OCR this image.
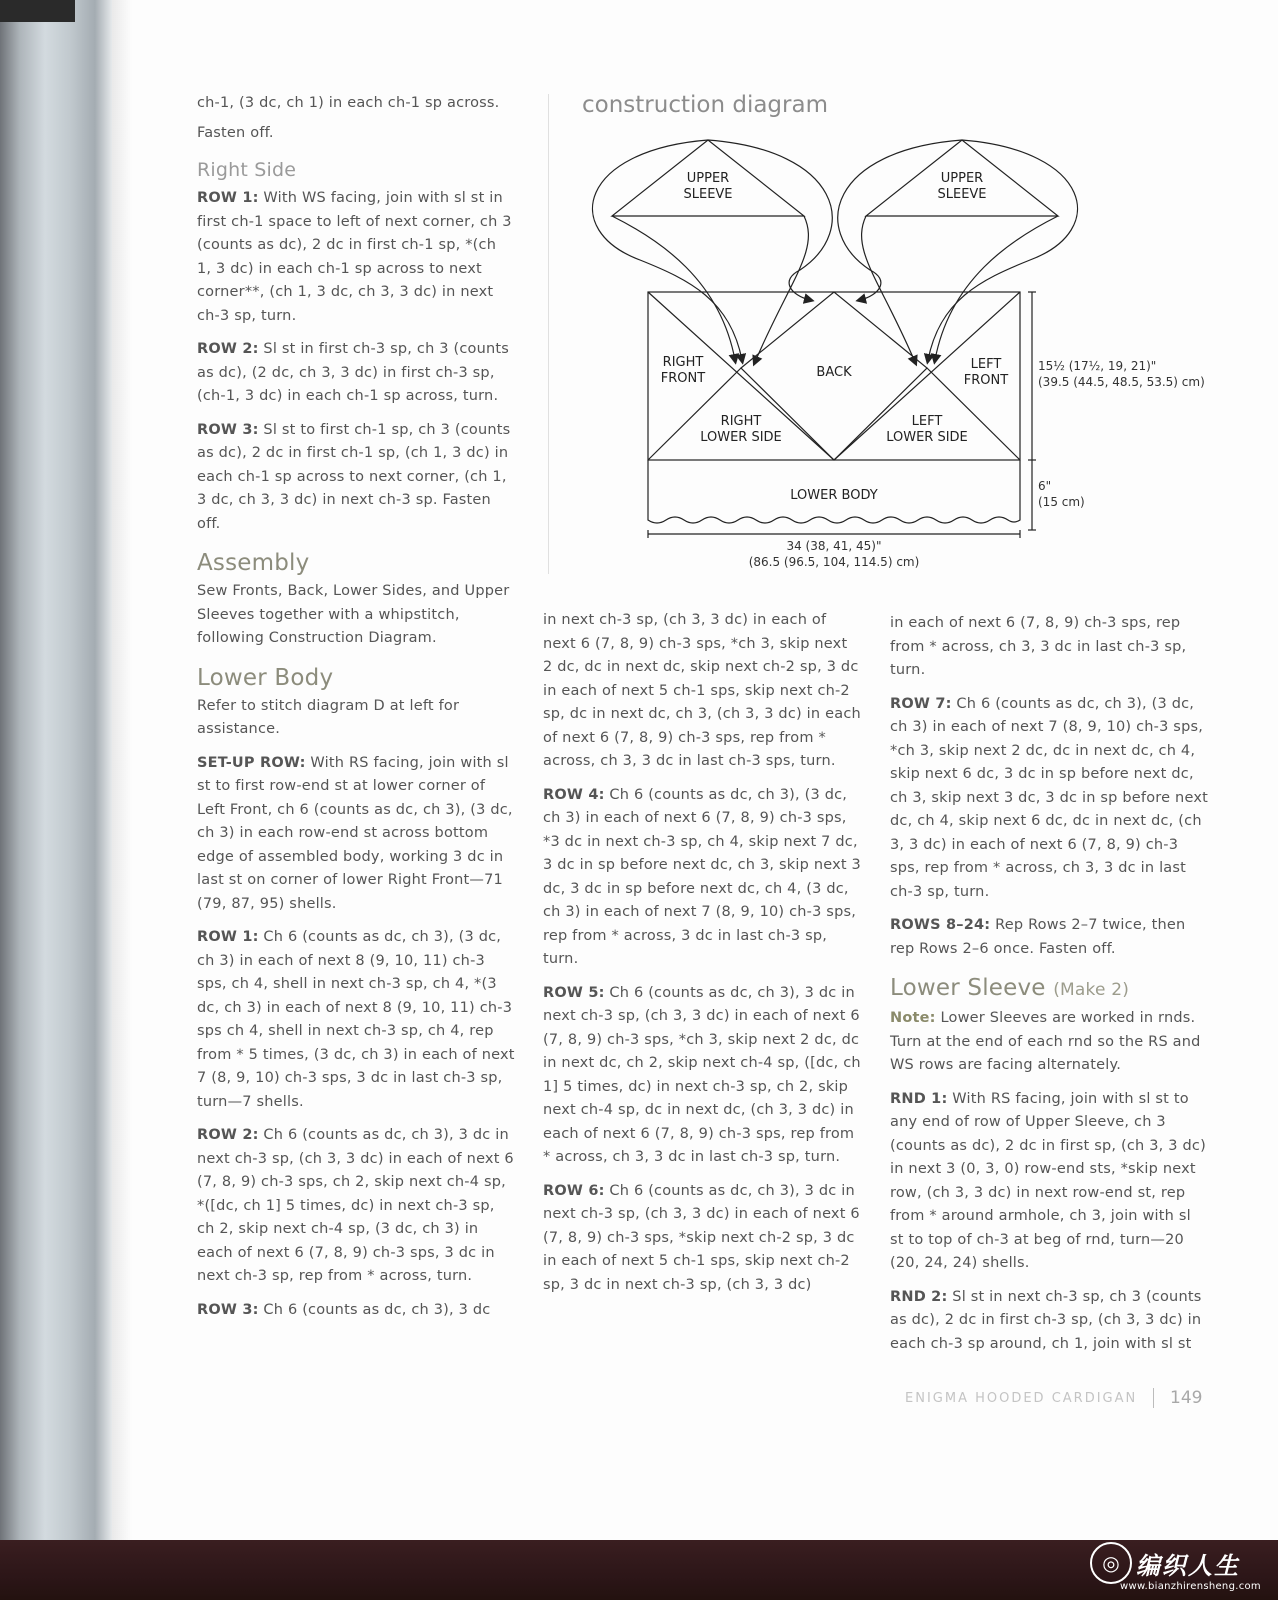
ch-1, (3 dc, ch 1) in each ch-1 sp across.

Fasten off.

Right Side

ROW 1: With WS facing, join with sl st in first ch-1 space to left of next corner, ch 3 (counts as dc), 2 dc in first ch-1 sp, *(ch 1, 3 dc) in each ch-1 sp across to next corner**, (ch 1, 3 dc, ch 3, 3 dc) in next ch-3 sp, turn.

ROW 2: Sl st in first ch-3 sp, ch 3 (counts as dc), (2 dc, ch 3, 3 dc) in first ch-3 sp, (ch-1, 3 dc) in each ch-1 sp across, turn.

ROW 3: Sl st to first ch-1 sp, ch 3 (counts as dc), 2 dc in first ch-1 sp, (ch 1, 3 dc) in each ch-1 sp across to next corner, (ch 1, 3 dc, ch 3, 3 dc) in next ch-3 sp. Fasten off.

Assembly

Sew Fronts, Back, Lower Sides, and Upper Sleeves together with a whipstitch, following Construction Diagram.

Lower Body

Refer to stitch diagram D at left for assistance.

SET-UP ROW: With RS facing, join with sl st to first row-end st at lower corner of Left Front, ch 6 (counts as dc, ch 3), (3 dc, ch 3) in each row-end st across bottom edge of assembled body, working 3 dc in last st on corner of lower Right Front—71 (79, 87, 95) shells.

ROW 1: Ch 6 (counts as dc, ch 3), (3 dc, ch 3) in each of next 8 (9, 10, 11) ch-3 sps, ch 4, shell in next ch-3 sp, ch 4, *(3 dc, ch 3) in each of next 8 (9, 10, 11) ch-3 sps ch 4, shell in next ch-3 sp, ch 4, rep from * 5 times, (3 dc, ch 3) in each of next 7 (8, 9, 10) ch-3 sps, 3 dc in last ch-3 sp, turn—7 shells.

ROW 2: Ch 6 (counts as dc, ch 3), 3 dc in next ch-3 sp, (ch 3, 3 dc) in each of next 6 (7, 8, 9) ch-3 sps, ch 2, skip next ch-4 sp, *([dc, ch 1] 5 times, dc) in next ch-3 sp, ch 2, skip next ch-4 sp, (3 dc, ch 3) in each of next 6 (7, 8, 9) ch-3 sps, 3 dc in next ch-3 sp, rep from * across, turn.

ROW 3: Ch 6 (counts as dc, ch 3), 3 dc

in next ch-3 sp, (ch 3, 3 dc) in each of next 6 (7, 8, 9) ch-3 sps, *ch 3, skip next 2 dc, dc in next dc, skip next ch-2 sp, 3 dc in each of next 5 ch-1 sps, skip next ch-2 sp, dc in next dc, ch 3, (ch 3, 3 dc) in each of next 6 (7, 8, 9) ch-3 sps, rep from * across, ch 3, 3 dc in last ch-3 sps, turn.

ROW 4: Ch 6 (counts as dc, ch 3), (3 dc, ch 3) in each of next 6 (7, 8, 9) ch-3 sps, *3 dc in next ch-3 sp, ch 4, skip next 7 dc, 3 dc in sp before next dc, ch 3, skip next 3 dc, 3 dc in sp before next dc, ch 4, (3 dc, ch 3) in each of next 7 (8, 9, 10) ch-3 sps, rep from * across, 3 dc in last ch-3 sp, turn.

ROW 5: Ch 6 (counts as dc, ch 3), 3 dc in next ch-3 sp, (ch 3, 3 dc) in each of next 6 (7, 8, 9) ch-3 sps, *ch 3, skip next 2 dc, dc in next dc, ch 2, skip next ch-4 sp, ([dc, ch 1] 5 times, dc) in next ch-3 sp, ch 2, skip next ch-4 sp, dc in next dc, (ch 3, 3 dc) in each of next 6 (7, 8, 9) ch-3 sps, rep from * across, ch 3, 3 dc in last ch-3 sp, turn.

ROW 6: Ch 6 (counts as dc, ch 3), 3 dc in next ch-3 sp, (ch 3, 3 dc) in each of next 6 (7, 8, 9) ch-3 sps, *skip next ch-2 sp, 3 dc in each of next 5 ch-1 sps, skip next ch-2 sp, 3 dc in next ch-3 sp, (ch 3, 3 dc)

in each of next 6 (7, 8, 9) ch-3 sps, rep from * across, ch 3, 3 dc in last ch-3 sp, turn.

ROW 7: Ch 6 (counts as dc, ch 3), (3 dc, ch 3) in each of next 7 (8, 9, 10) ch-3 sps, *ch 3, skip next 2 dc, dc in next dc, ch 4, skip next 6 dc, 3 dc in sp before next dc, ch 3, skip next 3 dc, 3 dc in sp before next dc, ch 4, skip next 6 dc, dc in next dc, (ch 3, 3 dc) in each of next 6 (7, 8, 9) ch-3 sps, rep from * across, ch 3, 3 dc in last ch-3 sp, turn.

ROWS 8–24: Rep Rows 2–7 twice, then rep Rows 2–6 once. Fasten off.

Lower Sleeve (Make 2)

Note: Lower Sleeves are worked in rnds. Turn at the end of each rnd so the RS and WS rows are facing alternately.

RND 1: With RS facing, join with sl st to any end of row of Upper Sleeve, ch 3 (counts as dc), 2 dc in first sp, (ch 3, 3 dc) in next 3 (0, 3, 0) row-end sts, *skip next row, (ch 3, 3 dc) in next row-end st, rep from * around armhole, ch 3, join with sl st to top of ch-3 at beg of rnd, turn—20 (20, 24, 24) shells.

RND 2: Sl st in next ch-3 sp, ch 3 (counts as dc), 2 dc in first ch-3 sp, (ch 3, 3 dc) in each ch-3 sp around, ch 1, join with sl st

construction diagram
UPPER
SLEEVE
UPPER
SLEEVE
RIGHT
FRONT	BACK
LEFT
FRONT
RIGHT
LOWER SIDE
LEFT
LOWER SIDE
LOWER BODY
15½ (17½, 19, 21)"
(39.5 (44.5, 48.5, 53.5) cm)
6"
(15 cm)
34 (38, 41, 45)"
(86.5 (96.5, 104, 114.5) cm)
ENIGMA HOODED CARDIGAN 149
◎ 编织人生
www.bianzhirensheng.com
